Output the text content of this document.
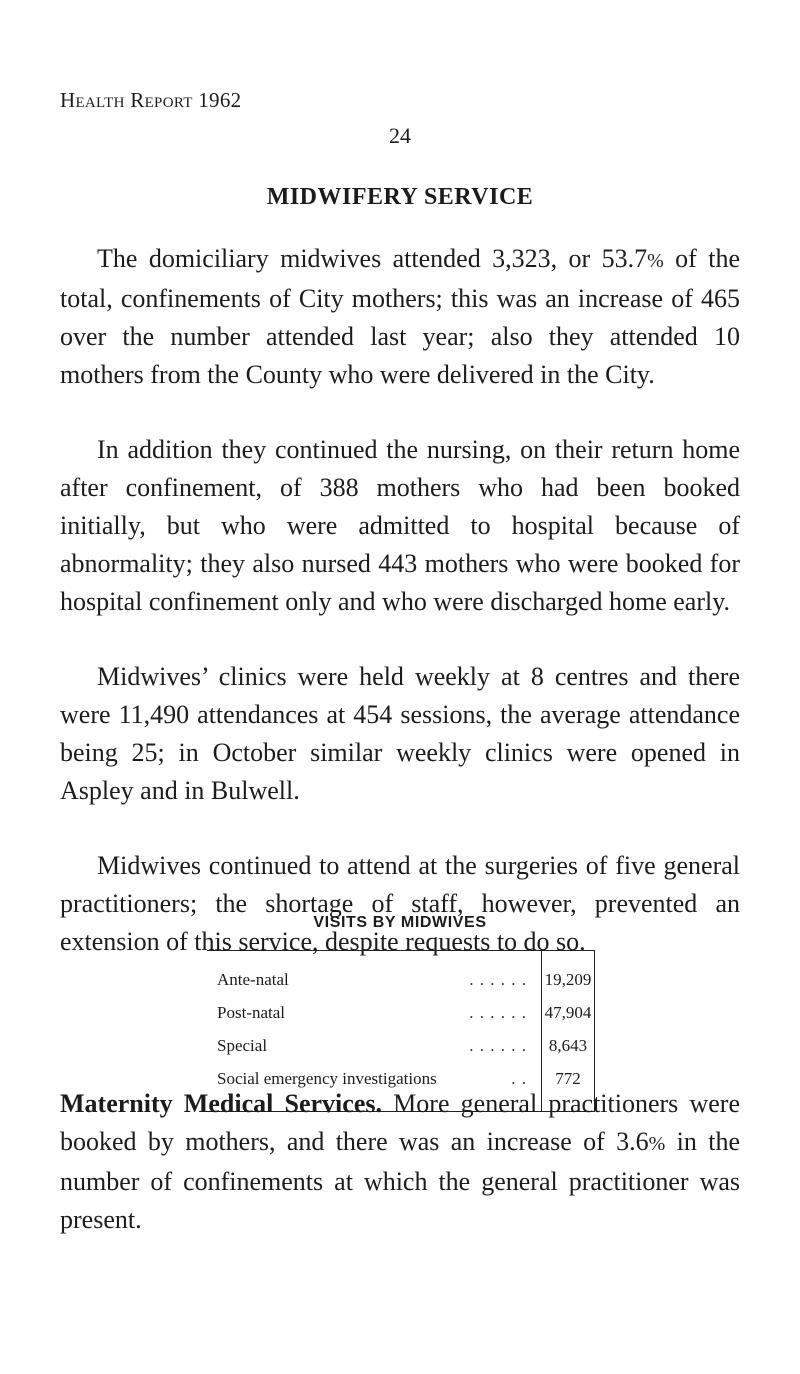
Health Report 1962
24
MIDWIFERY SERVICE

The domiciliary midwives attended 3,323, or 53.7% of the total, confinements of City mothers; this was an increase of 465 over the number attended last year; also they attended 10 mothers from the County who were delivered in the City.

In addition they continued the nursing, on their return home after confinement, of 388 mothers who had been booked initially, but who were admitted to hospital because of abnormality; they also nursed 443 mothers who were booked for hospital confinement only and who were discharged home early.

Midwives’ clinics were held weekly at 8 centres and there were 11,490 attendances at 454 sessions, the average attendance being 25; in October similar weekly clinics were opened in Aspley and in Bulwell.

Midwives continued to attend at the surgeries of five general practitioners; the shortage of staff, however, prevented an extension of this service, despite requests to do so.

VISITS BY MIDWIVES
Ante-natal . . . . . .	19,209

Post-natal . . . . . .	47,904

Special . . . . . .	8,643

Social emergency investigations . .	772
Maternity Medical Services. More general practitioners were booked by mothers, and there was an increase of 3.6% in the number of confinements at which the general practitioner was present.
